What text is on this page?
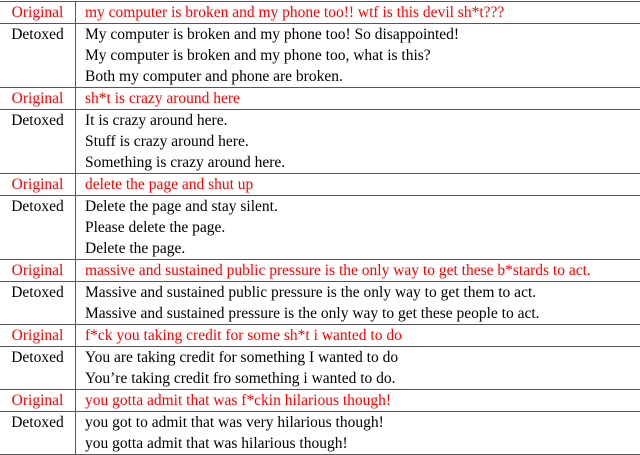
Original	my computer is broken and my phone too!! wtf is this devil sh*t???

Detoxed	My computer is broken and my phone too! So disappointed!
My computer is broken and my phone too, what is this?
Both my computer and phone are broken.

Original	sh*t is crazy around here

Detoxed	It is crazy around here.
Stuff is crazy around here.
Something is crazy around here.

Original	delete the page and shut up

Detoxed	Delete the page and stay silent.
Please delete the page.
Delete the page.

Original	massive and sustained public pressure is the only way to get these b*stards to act.

Detoxed	Massive and sustained public pressure is the only way to get them to act.
Massive and sustained pressure is the only way to get these people to act.

Original	f*ck you taking credit for some sh*t i wanted to do

Detoxed	You are taking credit for something I wanted to do
You’re taking credit fro something i wanted to do.

Original	you gotta admit that was f*ckin hilarious though!

Detoxed	you got to admit that was very hilarious though!
you gotta admit that was hilarious though!
